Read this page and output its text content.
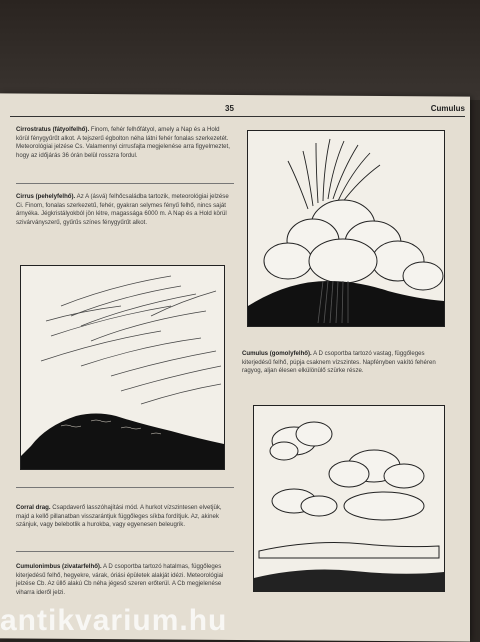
35	Cumulus
Cirrostratus (fátyolfelhő). Finom, fehér felhőfátyol, amely a Nap és a Hold körül fénygyűrűt alkot. A tejszerű égbolton néha látni fehér fonalas szerkezetét. Meteorológiai jelzése Cs. Valamennyi cirrusfajta megjelenése arra figyelmeztet, hogy az időjárás 36 órán belül rosszra fordul.
Cirrus (pehelyfelhő). Az A (ásvá) felhőcsaládba tartozik, meteorológiai jelzése Ci. Finom, fonalas szerkezetű, fehér, gyakran selymes fényű felhő, nincs saját árnyéka. Jégkristályokból jön létre, magassága 6000 m. A Nap és a Hold körül szivárványszerű, gyűrűs színes fénygyűrűt alkot.
Cumulus (gomolyfelhő). A D csoportba tartozó vastag, függőleges kiterjedésű felhő, púpja csaknem vízszintes. Napfényben vakító fehéren ragyog, aljan élesen elkülönülő szürke része.
Corral drag. Csapdaverő lasszóhajítási mód. A hurkot vízszintesen elvetjük, majd a kellő pillanatban visszarántjuk függőleges síkba fordítjuk. Az, akinek szánjuk, vagy belebotlik a hurokba, vagy egyenesen beleugrik.
Cumulonimbus (zivatarfelhő). A D csoportba tartozó hatalmas, függőleges kiterjedésű felhő, hegyekre, várak, óriási épületek alakját idézi. Meteorológiai jelzése Cb. Az üllő alakú Cb néha jégeső szeren erőterül. A Cb megjelenése viharra ideről jelzi.
antikvarium.hu
